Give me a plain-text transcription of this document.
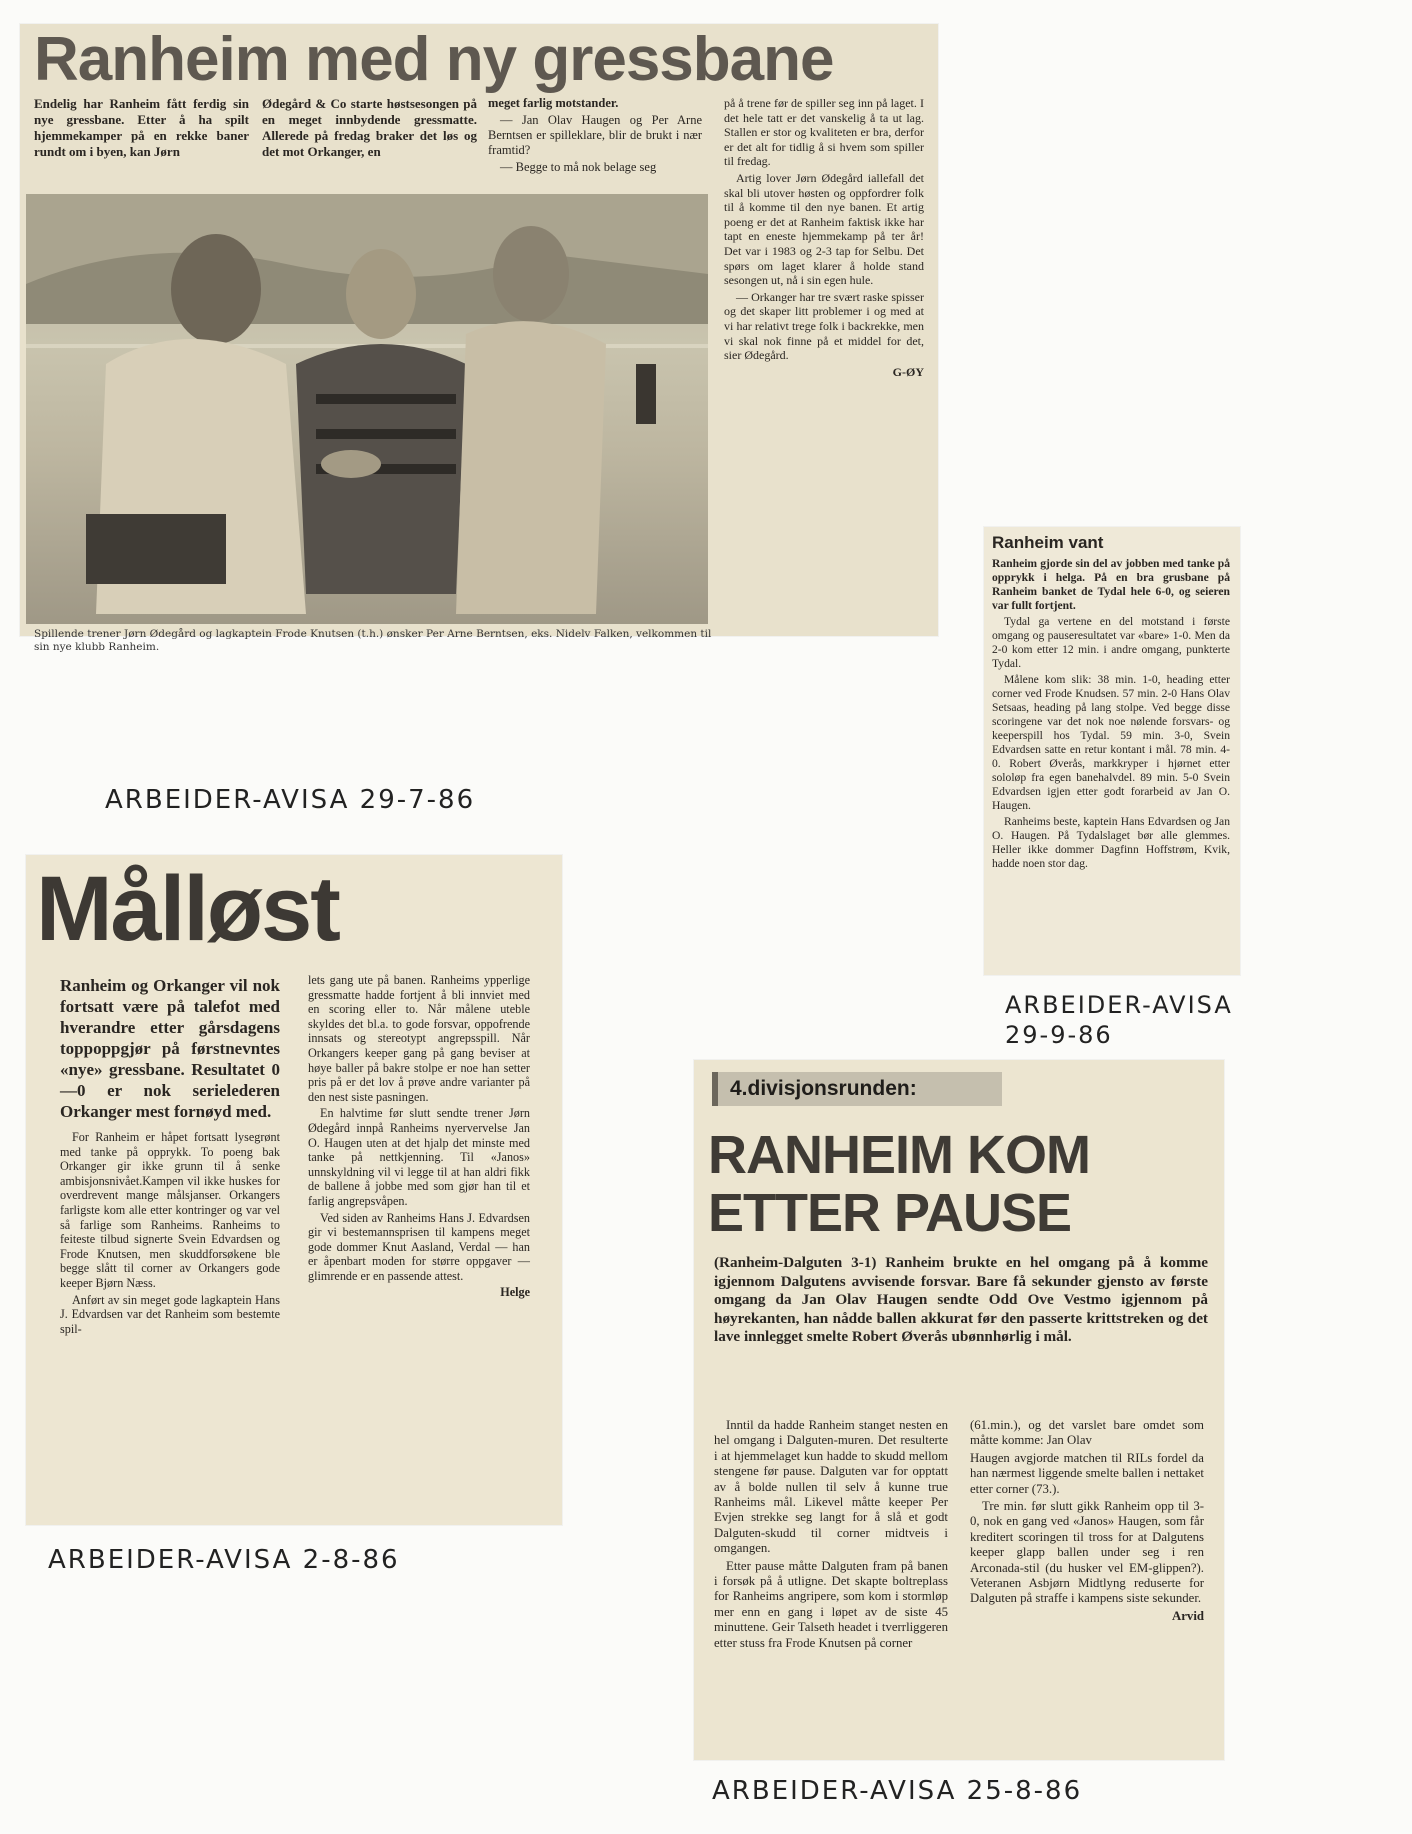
Ranheim med ny gressbane

Endelig har Ranheim fått ferdig sin nye gressbane. Etter å ha spilt hjemmekamper på en rekke baner rundt om i byen, kan Jørn

Ødegård & Co starte høstsesongen på en meget innbydende gressmatte. Allerede på fredag braker det løs og det mot Orkanger, en

meget farlig motstander.

— Jan Olav Haugen og Per Arne Berntsen er spilleklare, blir de brukt i nær framtid?

— Begge to må nok belage seg

på å trene før de spiller seg inn på laget. I det hele tatt er det vanskelig å ta ut lag. Stallen er stor og kvaliteten er bra, derfor er det alt for tidlig å si hvem som spiller til fredag.

Artig lover Jørn Ødegård iallefall det skal bli utover høsten og oppfordrer folk til å komme til den nye banen. Et artig poeng er det at Ranheim faktisk ikke har tapt en eneste hjemmekamp på ter år! Det var i 1983 og 2-3 tap for Selbu. Det spørs om laget klarer å holde stand sesongen ut, nå i sin egen hule.

— Orkanger har tre svært raske spisser og det skaper litt problemer i og med at vi har relativt trege folk i backrekke, men vi skal nok finne på et middel for det, sier Ødegård.

G-ØY

Spillende trener Jørn Ødegård og lagkaptein Frode Knutsen (t.h.) ønsker Per Arne Berntsen, eks. Nidelv Falken, velkommen til sin nye klubb Ranheim.

ARBEIDER-AVISA 29-7-86
Ranheim vant

Ranheim gjorde sin del av jobben med tanke på opprykk i helga. På en bra grusbane på Ranheim banket de Tydal hele 6-0, og seieren var fullt fortjent.

Tydal ga vertene en del motstand i første omgang og pauseresultatet var «bare» 1-0. Men da 2-0 kom etter 12 min. i andre omgang, punkterte Tydal.

Målene kom slik: 38 min. 1-0, heading etter corner ved Frode Knudsen. 57 min. 2-0 Hans Olav Setsaas, heading på lang stolpe. Ved begge disse scoringene var det nok noe nølende forsvars- og keeperspill hos Tydal. 59 min. 3-0, Svein Edvardsen satte en retur kontant i mål. 78 min. 4-0. Robert Øverås, markkryper i hjørnet etter sololøp fra egen banehalvdel. 89 min. 5-0 Svein Edvardsen igjen etter godt forarbeid av Jan O. Haugen.

Ranheims beste, kaptein Hans Edvardsen og Jan O. Haugen. På Tydalslaget bør alle glemmes. Heller ikke dommer Dagfinn Hoffstrøm, Kvik, hadde noen stor dag.

ARBEIDER-AVISA 29-9-86
Målløst

Ranheim og Orkanger vil nok fortsatt være på talefot med hverandre etter gårsdagens toppoppgjør på førstnevntes «nye» gressbane. Resultatet 0—0 er nok serielederen Orkanger mest fornøyd med.

For Ranheim er håpet fortsatt lysegrønt med tanke på opprykk. To poeng bak Orkanger gir ikke grunn til å senke ambisjonsnivået.Kampen vil ikke huskes for overdrevent mange målsjanser. Orkangers farligste kom alle etter kontringer og var vel så farlige som Ranheims. Ranheims to feiteste tilbud signerte Svein Edvardsen og Frode Knutsen, men skuddforsøkene ble begge slått til corner av Orkangers gode keeper Bjørn Næss.

Anført av sin meget gode lagkaptein Hans J. Edvardsen var det Ranheim som bestemte spil-

lets gang ute på banen. Ranheims ypperlige gressmatte hadde fortjent å bli innviet med en scoring eller to. Når målene uteble skyldes det bl.a. to gode forsvar, oppofrende innsats og stereotypt angrepsspill. Når Orkangers keeper gang på gang beviser at høye baller på bakre stolpe er noe han setter pris på er det lov å prøve andre varianter på den nest siste pasningen.

En halvtime før slutt sendte trener Jørn Ødegård innpå Ranheims nyervervelse Jan O. Haugen uten at det hjalp det minste med tanke på nettkjenning. Til «Janos» unnskyldning vil vi legge til at han aldri fikk de ballene å jobbe med som gjør han til et farlig angrepsvåpen.

Ved siden av Ranheims Hans J. Edvardsen gir vi bestemannsprisen til kampens meget gode dommer Knut Aasland, Verdal — han er åpenbart moden for større oppgaver — glimrende er en passende attest.

Helge

ARBEIDER-AVISA 2-8-86
4.divisjonsrunden:
RANHEIM KOM
ETTER PAUSE

(Ranheim-Dalguten 3-1) Ranheim brukte en hel omgang på å komme igjennom Dalgutens avvisende forsvar. Bare få sekunder gjensto av første omgang da Jan Olav Haugen sendte Odd Ove Vestmo igjennom på høyrekanten, han nådde ballen akkurat før den passerte krittstreken og det lave innlegget smelte Robert Øverås ubønnhørlig i mål.

Inntil da hadde Ranheim stanget nesten en hel omgang i Dalguten-muren. Det resulterte i at hjemmelaget kun hadde to skudd mellom stengene før pause. Dalguten var for opptatt av å bolde nullen til selv å kunne true Ranheims mål. Likevel måtte keeper Per Evjen strekke seg langt for å slå et godt Dalguten-skudd til corner midtveis i omgangen.

Etter pause måtte Dalguten fram på banen i forsøk på å utligne. Det skapte boltreplass for Ranheims angripere, som kom i stormløp mer enn en gang i løpet av de siste 45 minuttene. Geir Talseth headet i tverrliggeren etter stuss fra Frode Knutsen på corner

(61.min.), og det varslet bare omdet som måtte komme: Jan Olav

Haugen avgjorde matchen til RILs fordel da han nærmest liggende smelte ballen i nettaket etter corner (73.).

Tre min. før slutt gikk Ranheim opp til 3-0, nok en gang ved «Janos» Haugen, som får kreditert scoringen til tross for at Dalgutens keeper glapp ballen under seg i ren Arconada-stil (du husker vel EM-glippen?). Veteranen Asbjørn Midtlyng reduserte for Dalguten på straffe i kampens siste sekunder.

Arvid

ARBEIDER-AVISA 25-8-86
